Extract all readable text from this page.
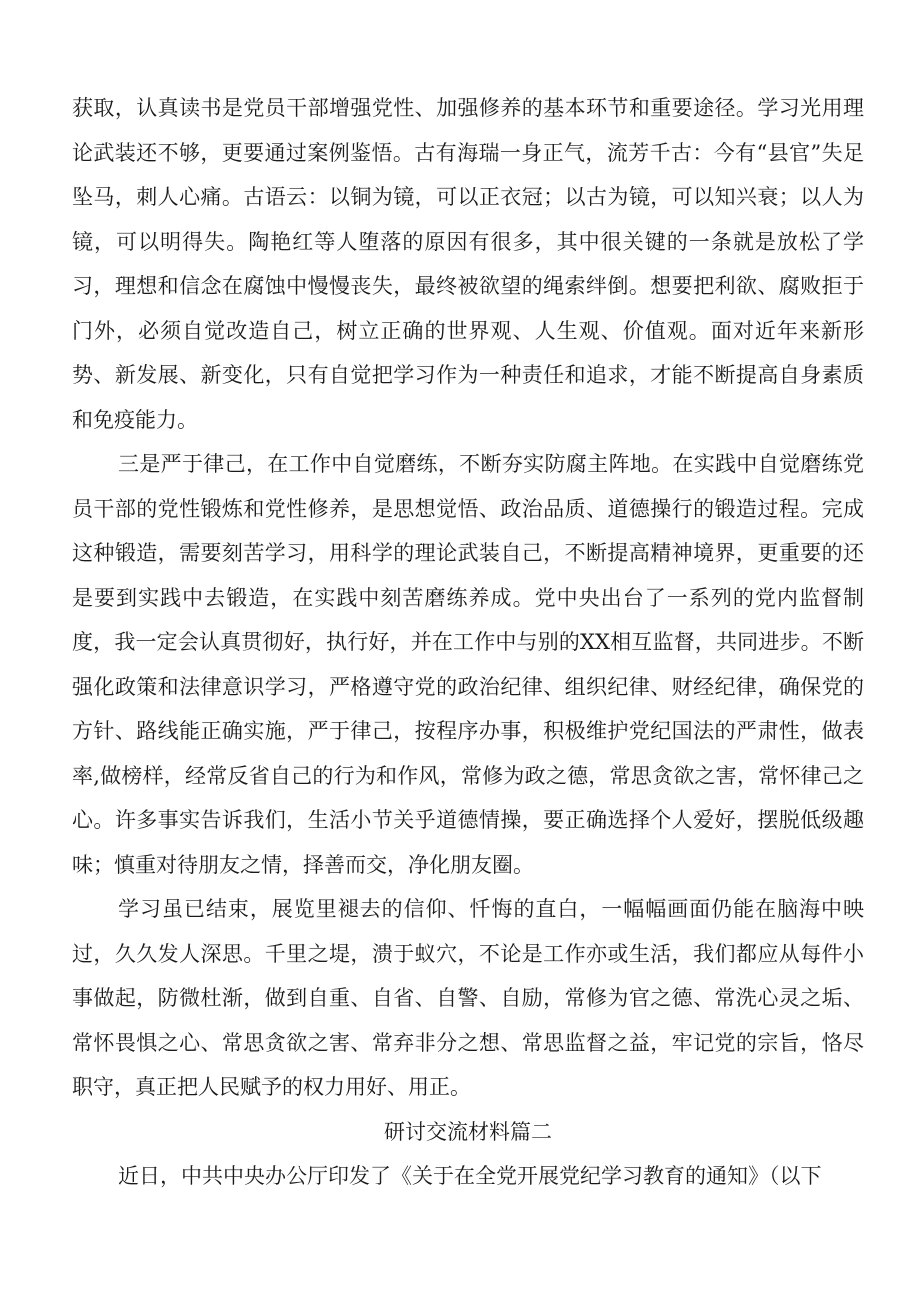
获取，认真读书是党员干部增强党性、加强修养的基本环节和重要途径。学习光用理论武装还不够，更要通过案例鉴悟。古有海瑞一身正气，流芳千古：今有“县官”失足坠马，刺人心痛。古语云：以铜为镜，可以正衣冠；以古为镜，可以知兴衰；以人为镜，可以明得失。陶艳红等人堕落的原因有很多，其中很关键的一条就是放松了学习，理想和信念在腐蚀中慢慢丧失，最终被欲望的绳索绊倒。想要把利欲、腐败拒于门外，必须自觉改造自己，树立正确的世界观、人生观、价值观。面对近年来新形势、新发展、新变化，只有自觉把学习作为一种责任和追求，才能不断提高自身素质和免疫能力。

三是严于律己，在工作中自觉磨练，不断夯实防腐主阵地。在实践中自觉磨练党员干部的党性锻炼和党性修养，是思想觉悟、政治品质、道德操行的锻造过程。完成这种锻造，需要刻苦学习，用科学的理论武装自己，不断提高精神境界，更重要的还是要到实践中去锻造，在实践中刻苦磨练养成。党中央出台了一系列的党内监督制度，我一定会认真贯彻好，执行好，并在工作中与别的XX相互监督，共同进步。不断强化政策和法律意识学习，严格遵守党的政治纪律、组织纪律、财经纪律，确保党的方针、路线能正确实施，严于律己，按程序办事，积极维护党纪国法的严肃性，做表率,做榜样，经常反省自己的行为和作风，常修为政之德，常思贪欲之害，常怀律己之心。许多事实告诉我们，生活小节关乎道德情操，要正确选择个人爱好，摆脱低级趣味；慎重对待朋友之情，择善而交，净化朋友圈。

学习虽已结束，展览里褪去的信仰、忏悔的直白，一幅幅画面仍能在脑海中映过，久久发人深思。千里之堤，溃于蚁穴，不论是工作亦或生活，我们都应从每件小事做起，防微杜渐，做到自重、自省、自警、自励，常修为官之德、常洗心灵之垢、常怀畏惧之心、常思贪欲之害、常弃非分之想、常思监督之益，牢记党的宗旨，恪尽职守，真正把人民赋予的权力用好、用正。

研讨交流材料篇二

近日，中共中央办公厅印发了《关于在全党开展党纪学习教育的通知》（以下
